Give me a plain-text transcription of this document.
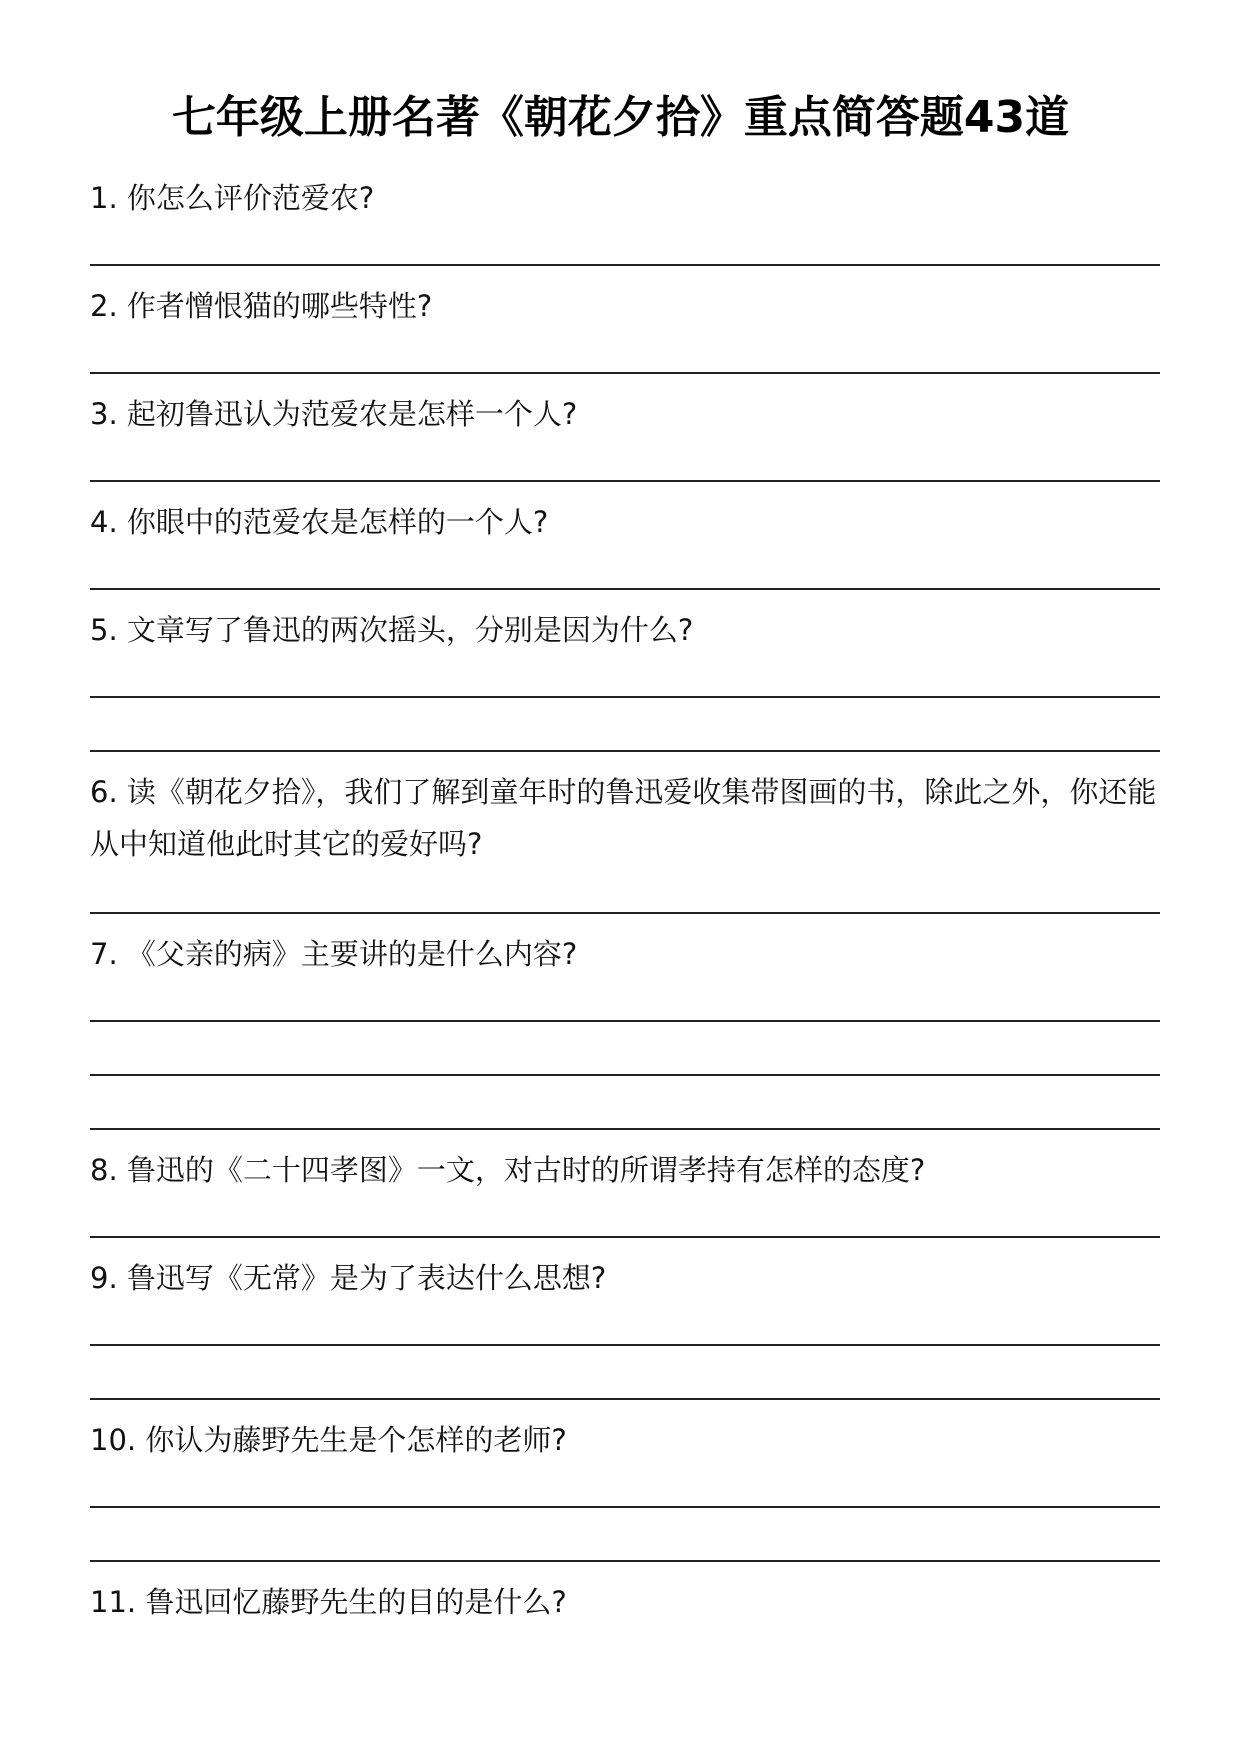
七年级上册名著《朝花夕拾》重点简答题43道
1. 你怎么评价范爱农?
2. 作者憎恨猫的哪些特性?
3. 起初鲁迅认为范爱农是怎样一个人?
4. 你眼中的范爱农是怎样的一个人?
5. 文章写了鲁迅的两次摇头，分别是因为什么?
6. 读《朝花夕拾》，我们了解到童年时的鲁迅爱收集带图画的书，除此之外，你还能从中知道他此时其它的爱好吗?
7. 《父亲的病》主要讲的是什么内容?
8. 鲁迅的《二十四孝图》一文，对古时的所谓孝持有怎样的态度?
9. 鲁迅写《无常》是为了表达什么思想?
10. 你认为藤野先生是个怎样的老师?
11. 鲁迅回忆藤野先生的目的是什么?
